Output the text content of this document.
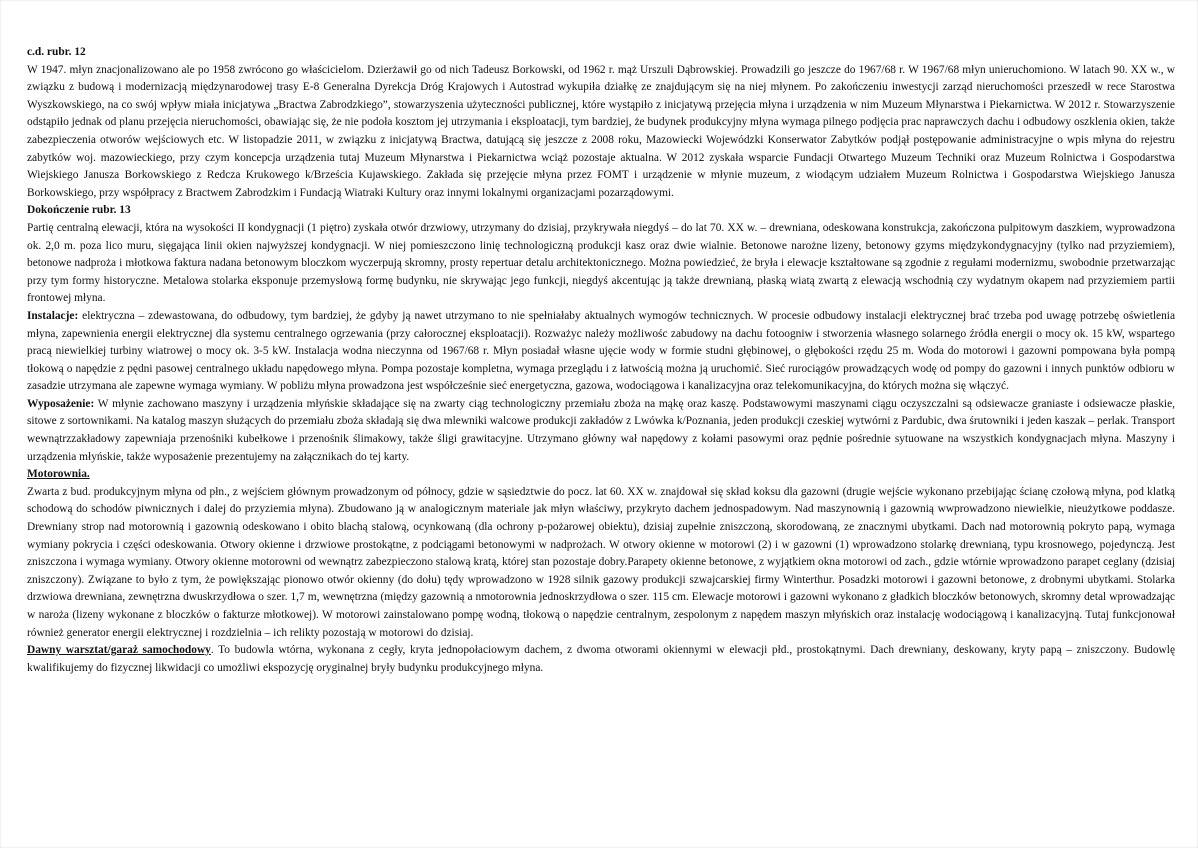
c.d. rubr. 12

W 1947. młyn znacjonalizowano ale po 1958 zwrócono go właścicielom. Dzierżawił go od nich Tadeusz Borkowski, od 1962 r. mąż Urszuli Dąbrowskiej. Prowadzili go jeszcze do 1967/68 r. W 1967/68 młyn unieruchomiono. W latach 90. XX w., w związku z budową i modernizacją międzynarodowej trasy E-8 Generalna Dyrekcja Dróg Krajowych i Autostrad wykupiła działkę ze znajdującym się na niej młynem. Po zakończeniu inwestycji zarząd nieruchomości przeszedł w rece Starostwa Wyszkowskiego, na co swój wpływ miała inicjatywa „Bractwa Zabrodzkiego”, stowarzyszenia użyteczności publicznej, które wystąpiło z inicjatywą przejęcia młyna i urządzenia w nim Muzeum Młynarstwa i Piekarnictwa. W 2012 r. Stowarzyszenie odstąpiło jednak od planu przejęcia nieruchomości, obawiając się, że nie podoła kosztom jej utrzymania i eksploatacji, tym bardziej, że budynek produkcyjny młyna wymaga pilnego podjęcia prac naprawczych dachu i odbudowy oszklenia okien, także zabezpieczenia otworów wejściowych etc. W listopadzie 2011, w związku z inicjatywą Bractwa, datującą się jeszcze z 2008 roku, Mazowiecki Wojewódzki Konserwator Zabytków podjął postępowanie administracyjne o wpis młyna do rejestru zabytków woj. mazowieckiego, przy czym koncepcja urządzenia tutaj Muzeum Młynarstwa i Piekarnictwa wciąż pozostaje aktualna. W 2012 zyskała wsparcie Fundacji Otwartego Muzeum Techniki oraz Muzeum Rolnictwa i Gospodarstwa Wiejskiego Janusza Borkowskiego z Redcza Krukowego k/Brześcia Kujawskiego. Zakłada się przejęcie młyna przez FOMT i urządzenie w młynie muzeum, z wiodącym udziałem Muzeum Rolnictwa i Gospodarstwa Wiejskiego Janusza Borkowskiego, przy współpracy z Bractwem Zabrodzkim i Fundacją Wiatraki Kultury oraz innymi lokalnymi organizacjami pozarządowymi.

Dokończenie rubr. 13

Partię centralną elewacji, która na wysokości II kondygnacji (1 piętro) zyskała otwór drzwiowy, utrzymany do dzisiaj, przykrywała niegdyś – do lat 70. XX w. – drewniana, odeskowana konstrukcja, zakończona pulpitowym daszkiem, wyprowadzona ok. 2,0 m. poza lico muru, sięgająca linii okien najwyższej kondygnacji. W niej pomieszczono linię technologiczną produkcji kasz oraz dwie wialnie. Betonowe narożne lizeny, betonowy gzyms międzykondygnacyjny (tylko nad przyziemiem), betonowe nadproża i młotkowa faktura nadana betonowym bloczkom wyczerpują skromny, prosty repertuar detalu architektonicznego. Można powiedzieć, że bryła i elewacje kształtowane są zgodnie z regułami modernizmu, swobodnie przetwarzając przy tym formy historyczne. Metalowa stolarka eksponuje przemysłową formę budynku, nie skrywając jego funkcji, niegdyś akcentując ją także drewnianą, płaską wiatą zwartą z elewacją wschodnią czy wydatnym okapem nad przyziemiem partii frontowej młyna.

Instalacje: elektryczna – zdewastowana, do odbudowy, tym bardziej, że gdyby ją nawet utrzymano to nie spełniałaby aktualnych wymogów technicznych. W procesie odbudowy instalacji elektrycznej brać trzeba pod uwagę potrzebę oświetlenia młyna, zapewnienia energii elektrycznej dla systemu centralnego ogrzewania (przy całorocznej eksploatacji). Rozważyc należy możliwośc zabudowy na dachu fotoogniw i stworzenia własnego solarnego źródła energii o mocy ok. 15 kW, wspartego pracą niewielkiej turbiny wiatrowej o mocy ok. 3-5 kW. Instalacja wodna nieczynna od 1967/68 r. Młyn posiadał własne ujęcie wody w formie studni głębinowej, o głębokości rzędu 25 m. Woda do motorowi i gazowni pompowana była pompą tłokową o napędzie z pędni pasowej centralnego układu napędowego młyna. Pompa pozostaje kompletna, wymaga przeglądu i z łatwością można ją uruchomić. Sieć rurociągów prowadzących wodę od pompy do gazowni i innych punktów odbioru w zasadzie utrzymana ale zapewne wymaga wymiany. W pobliżu młyna prowadzona jest współcześnie sieć energetyczna, gazowa, wodociągowa i kanalizacyjna oraz telekomunikacyjna, do których można się włączyć.

Wyposażenie: W młynie zachowano maszyny i urządzenia młyńskie składające się na zwarty ciąg technologiczny przemiału zboża na mąkę oraz kaszę. Podstawowymi maszynami ciągu oczyszczalni są odsiewacze graniaste i odsiewacze płaskie, sitowe z sortownikami. Na katalog maszyn służących do przemiału zboża składają się dwa mlewniki walcowe produkcji zakładów z Lwówka k/Poznania, jeden produkcji czeskiej wytwórni z Pardubic, dwa śrutowniki i jeden kaszak – perlak. Transport wewnątrzzakładowy zapewniaja przenośniki kubełkowe i przenośnik ślimakowy, także śligi grawitacyjne. Utrzymano główny wał napędowy z kołami pasowymi oraz pędnie pośrednie sytuowane na wszystkich kondygnacjach młyna. Maszyny i urządzenia młyńskie, także wyposażenie prezentujemy na załącznikach do tej karty.

Motorownia.

Zwarta z bud. produkcyjnym młyna od płn., z wejściem głównym prowadzonym od północy, gdzie w sąsiedztwie do pocz. lat 60. XX w. znajdował się skład koksu dla gazowni (drugie wejście wykonano przebijając ścianę czołową młyna, pod klatką schodową do schodów piwnicznych i dalej do przyziemia młyna). Zbudowano ją w analogicznym materiale jak młyn właściwy, przykryto dachem jednospadowym. Nad maszynownią i gazownią wwprowadzono niewielkie, nieużytkowe poddasze. Drewniany strop nad motorownią i gazownią odeskowano i obito blachą stalową, ocynkowaną (dla ochrony p-pożarowej obiektu), dzisiaj zupełnie zniszczoną, skorodowaną, ze znacznymi ubytkami. Dach nad motorownią pokryto papą, wymaga wymiany pokrycia i części odeskowania. Otwory okienne i drzwiowe prostokątne, z podciągami betonowymi w nadprożach. W otwory okienne w motorowi (2) i w gazowni (1) wprowadzono stolarkę drewnianą, typu krosnowego, pojedynczą. Jest zniszczona i wymaga wymiany. Otwory okienne motorowni od wewnątrz zabezpieczono stalową kratą, której stan pozostaje dobry.Parapety okienne betonowe, z wyjątkiem okna motorowi od zach., gdzie wtórnie wprowadzono parapet ceglany (dzisiaj zniszczony). Związane to było z tym, że powiększając pionowo otwór okienny (do dołu) tędy wprowadzono w 1928 silnik gazowy produkcji szwajcarskiej firmy Winterthur. Posadzki motorowi i gazowni betonowe, z drobnymi ubytkami. Stolarka drzwiowa drewniana, zewnętrzna dwuskrzydłowa o szer. 1,7 m, wewnętrzna (między gazownią a nmotorownia jednoskrzydłowa o szer. 115 cm. Elewacje motorowi i gazowni wykonano z gładkich bloczków betonowych, skromny detal wprowadzając w naroża (lizeny wykonane z bloczków o fakturze młotkowej). W motorowi zainstalowano pompę wodną, tłokową o napędzie centralnym, zespolonym z napędem maszyn młyńskich oraz instalację wodociągową i kanalizacyjną. Tutaj funkcjonował również generator energii elektrycznej i rozdzielnia – ich relikty pozostają w motorowi do dzisiaj.

Dawny warsztat/garaż samochodowy. To budowla wtórna, wykonana z cegły, kryta jednopołaciowym dachem, z dwoma otworami okiennymi w elewacji płd., prostokątnymi. Dach drewniany, deskowany, kryty papą – zniszczony. Budowlę kwalifikujemy do fizycznej likwidacji co umożliwi ekspozycję oryginalnej bryły budynku produkcyjnego młyna.
